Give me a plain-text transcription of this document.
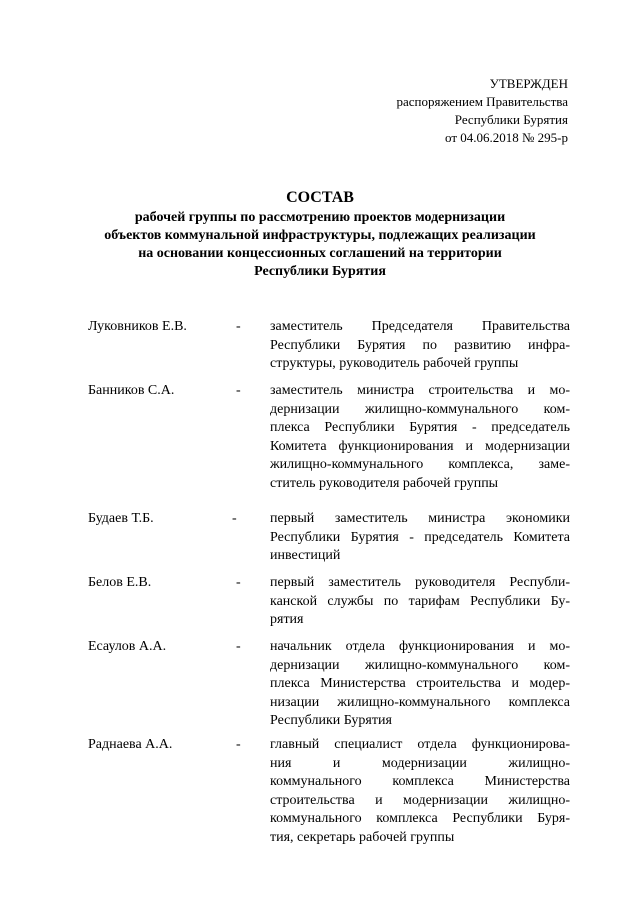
УТВЕРЖДЕН
распоряжением Правительства
Республики Бурятия
от 04.06.2018 № 295-р
СОСТАВ
рабочей группы по рассмотрению проектов модернизации
объектов коммунальной инфраструктуры, подлежащих реализации
на основании концессионных соглашений на территории
Республики Бурятия
Луковников Е.В.	- заместитель Председателя Правительства
Республики Бурятия по развитию инфра-
структуры, руководитель рабочей группы
Банников С.А.	- заместитель министра строительства и мо-
дернизации жилищно-коммунального ком-
плекса Республики Бурятия - председатель
Комитета функционирования и модернизации
жилищно-коммунального комплекса, заме-
ститель руководителя рабочей группы
Будаев Т.Б.	- первый заместитель министра экономики
Республики Бурятия - председатель Комитета
инвестиций
Белов Е.В.	- первый заместитель руководителя Республи-
канской службы по тарифам Республики Бу-
рятия
Есаулов А.А.	- начальник отдела функционирования и мо-
дернизации жилищно-коммунального ком-
плекса Министерства строительства и модер-
низации жилищно-коммунального комплекса
Республики Бурятия
Раднаева А.А.	- главный специалист отдела функционирова-
ния и модернизации жилищно-
коммунального комплекса Министерства
строительства и модернизации жилищно-
коммунального комплекса Республики Буря-
тия, секретарь рабочей группы
